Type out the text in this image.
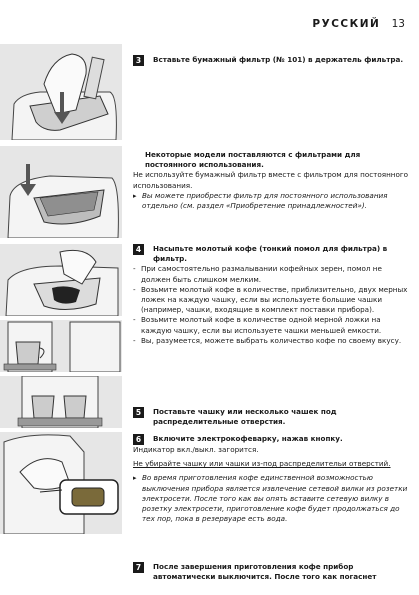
РУССКИЙ 13
3	Вставьте бумажный фильтр (№ 101) в держатель фильтра.

Некоторые модели поставляются с фильтрами для постоянного использования.

Не используйте бумажный фильтр вместе с фильтром для постоянного использования.

▸ Вы можете приобрести фильтр для постоянного использования отдельно (см. раздел «Приобретение принадлежностей»).

4	Насыпьте молотый кофе (тонкий помол для фильтра) в фильтр.

- При самостоятельно размалывании кофейных зерен, помол не должен быть слишком мелким.

- Возьмите молотый кофе в количестве, приблизительно, двух мерных ложек на каждую чашку, если вы используете большие чашки (например, чашки, входящие в комплект поставки прибора).

- Возьмите молотый кофе в количестве одной мерной ложки на каждую чашку, если вы используете чашки меньшей емкости.

- Вы, разумеется, можете выбрать количество кофе по своему вкусу.

5	Поставьте чашку или несколько чашек под распределительные отверстия.
6	Включите электрокофеварку, нажав кнопку.

Индикатор вкл./выкл. загорится.

Не убирайте чашку или чашки из-под распределительи отверстий.

▸ Во время приготовления кофе единственной возможностью выключения прибора является извлечение сетевой вилки из розетки электросети. После того как вы опять вставите сетевую вилку в розетку электросети, приготовление кофе будет продолжаться до тех пор, пока в резервуаре есть вода.

7	После завершения приготовления кофе прибор автоматически выключится. После того как погаснет
